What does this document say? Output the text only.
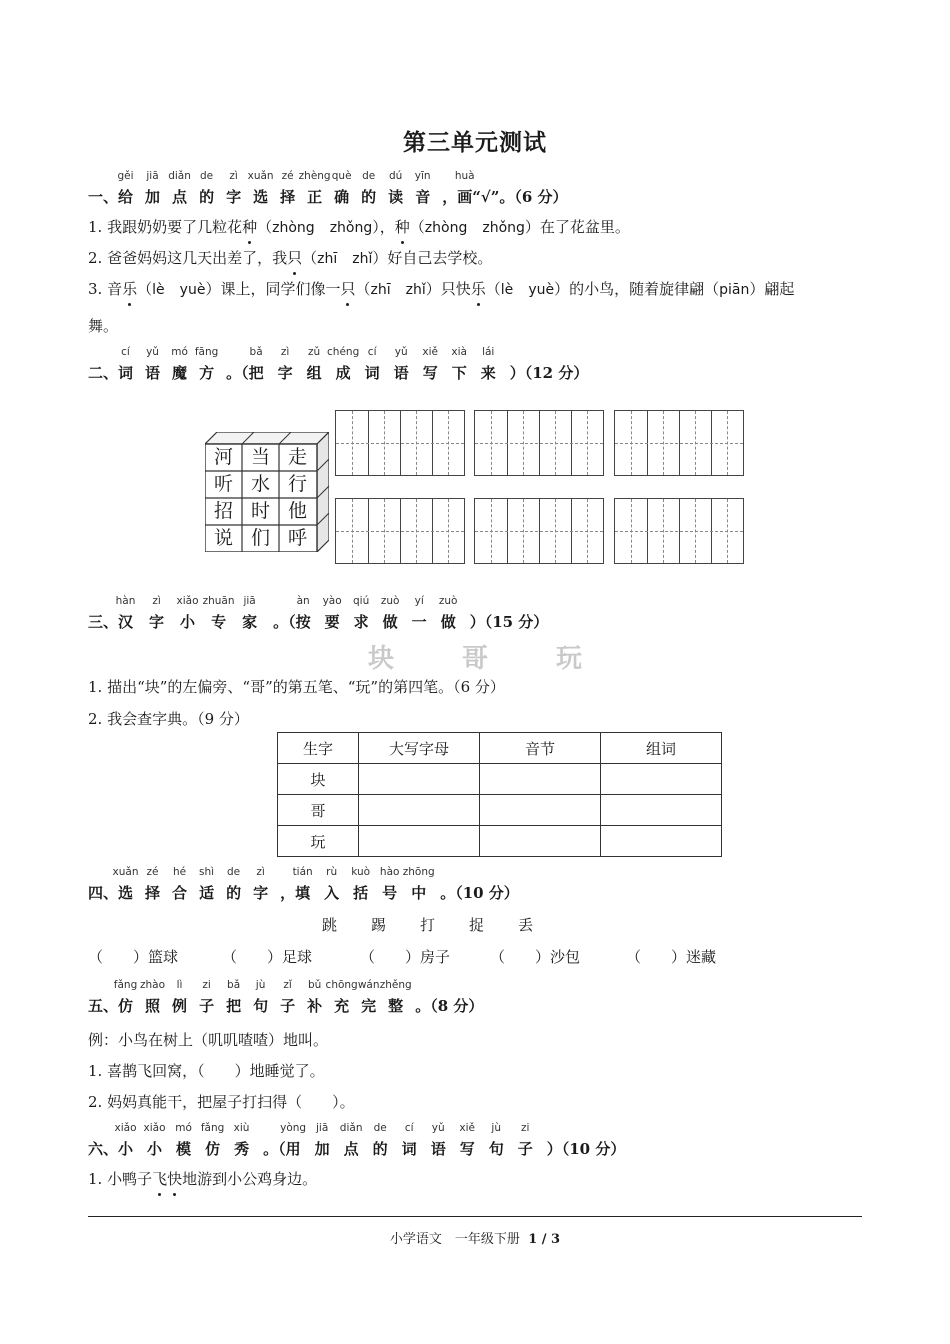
第三单元测试
一、给
gěi
加
jiā
点
diǎn
的
de
字
zì
选
xuǎn
择
zé
正
zhèng
确
què
的
de
读
dú
音
yīn
，画
huà
“√”。（6 分）
1. 我跟奶奶要了几粒花种（zhòng　 zhǒng），种（zhòng　 zhǒng）在了花盆里。
2. 爸爸妈妈这几天出差了，我只（zhī　 zhǐ）好自己去学校。
3. 音乐（lè　 yuè）课上，同学们像一只（zhī　 zhǐ）只快乐（lè　 yuè）的小鸟，随着旋律翩（piān）翩起
舞。
二、词
cí
语
yǔ
魔
mó
方
fāng
。（把
bǎ
字
zì
组
zǔ
成
chéng
词
cí
语
yǔ
写
xiě
下
xià
来
lái
）（12 分）
河 当 走
听 水 行
招 时 他
说 们 呼
三、汉
hàn
字
zì
小
xiǎo
专
zhuān
家
jiā
。（按
àn
要
yào
求
qiú
做
zuò
一
yí
做
zuò
）（15 分）
块	哥	玩
1. 描出“块”的左偏旁、“哥”的第五笔、“玩”的第四笔。（6 分）
2. 我会查字典。（9 分）
生字	大写字母	音节	组词
块			
哥			
玩			
四、选
xuǎn
择
zé
合
hé
适
shì
的
de
字
zì
，填
tián
入
rù
括
kuò
号
hào
中
zhōng
。（10 分）
跳 踢 打 捉 丢
（　　）篮球	（　　）足球	（　　）房子	（　　）沙包	（　　）迷藏
五、仿
fǎng
照
zhào
例
lì
子
zi
把
bǎ
句
jù
子
zǐ
补
bǔ
充
chōng
完
wán
整
zhěng
。（8 分）
例：小鸟在树上（叽叽喳喳）地叫。
1. 喜鹊飞回窝，（　　）地睡觉了。
2. 妈妈真能干，把屋子打扫得（　　）。
六、小
xiǎo
小
xiǎo
模
mó
仿
fǎng
秀
xiù
。（用
yòng
加
jiā
点
diǎn
的
de
词
cí
语
yǔ
写
xiě
句
jù
子
zi
）（10 分）
1. 小鸭子飞快地游到小公鸡身边。
小学语文　一年级下册 1 / 3
